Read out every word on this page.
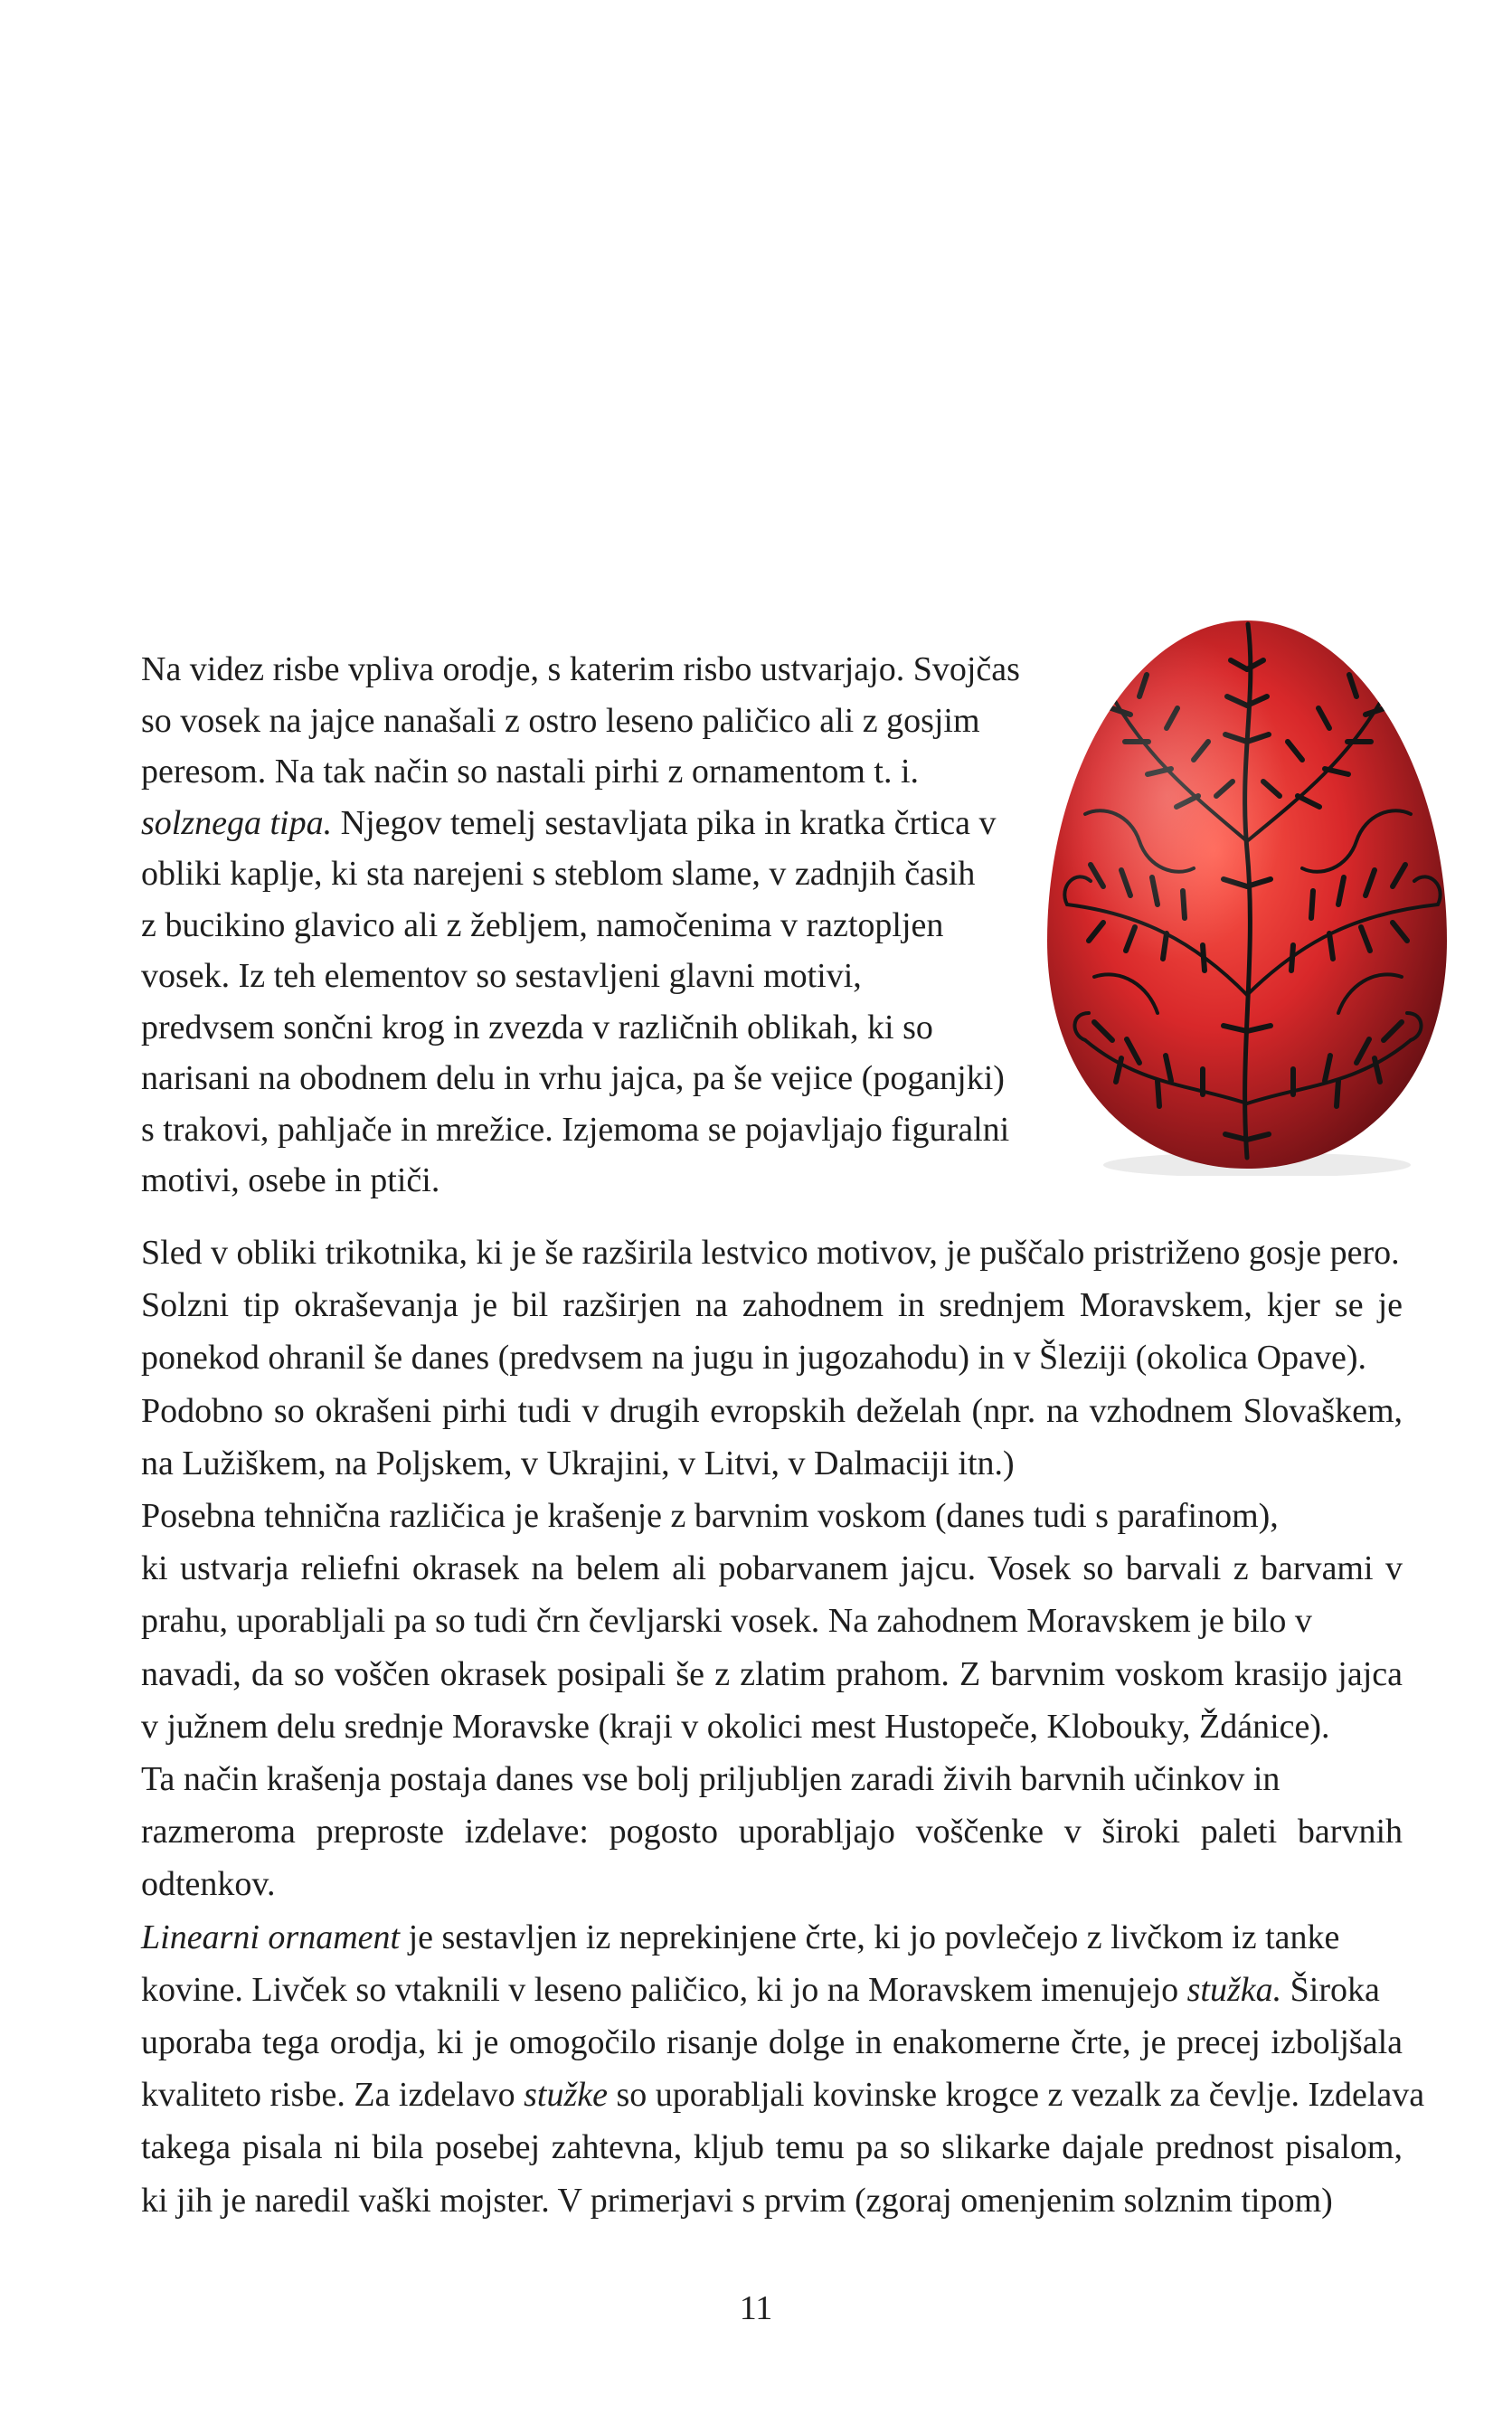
Na videz risbe vpliva orodje, s katerim risbo ustvarjajo. Svojčas
so vosek na jajce nanašali z ostro leseno paličico ali z gosjim
peresom. Na tak način so nastali pirhi z ornamentom t. i.
solznega tipa. Njegov temelj sestavljata pika in kratka črtica v
obliki kaplje, ki sta narejeni s steblom slame, v zadnjih časih
z bucikino glavico ali z žebljem, namočenima v raztopljen
vosek. Iz teh elementov so sestavljeni glavni motivi,
predvsem sončni krog in zvezda v različnih oblikah, ki so
narisani na obodnem delu in vrhu jajca, pa še vejice (poganjki)
s trakovi, pahljače in mrežice. Izjemoma se pojavljajo figuralni
motivi, osebe in ptiči.
Sled v obliki trikotnika, ki je še razširila lestvico motivov, je puščalo pristriženo gosje pero.
Solzni tip okraševanja je bil razširjen na zahodnem in srednjem Moravskem, kjer se je
ponekod ohranil še danes (predvsem na jugu in jugozahodu) in v Šleziji (okolica Opave).
Podobno so okrašeni pirhi tudi v drugih evropskih deželah (npr. na vzhodnem Slovaškem,
na Lužiškem, na Poljskem, v Ukrajini, v Litvi, v Dalmaciji itn.)
Posebna tehnična različica je krašenje z barvnim voskom (danes tudi s parafinom),
ki ustvarja reliefni okrasek na belem ali pobarvanem jajcu. Vosek so barvali z barvami v
prahu, uporabljali pa so tudi črn čevljarski vosek. Na zahodnem Moravskem je bilo v
navadi, da so voščen okrasek posipali še z zlatim prahom. Z barvnim voskom krasijo jajca
v južnem delu srednje Moravske (kraji v okolici mest Hustopeče, Klobouky, Ždánice).
Ta način krašenja postaja danes vse bolj priljubljen zaradi živih barvnih učinkov in
razmeroma preproste izdelave: pogosto uporabljajo voščenke v široki paleti barvnih
odtenkov.
Linearni ornament je sestavljen iz neprekinjene črte, ki jo povlečejo z livčkom iz tanke
kovine. Livček so vtaknili v leseno paličico, ki jo na Moravskem imenujejo stužka. Široka
uporaba tega orodja, ki je omogočilo risanje dolge in enakomerne črte, je precej izboljšala
kvaliteto risbe. Za izdelavo stužke so uporabljali kovinske krogce z vezalk za čevlje. Izdelava
takega pisala ni bila posebej zahtevna, kljub temu pa so slikarke dajale prednost pisalom,
ki jih je naredil vaški mojster. V primerjavi s prvim (zgoraj omenjenim solznim tipom)
11
